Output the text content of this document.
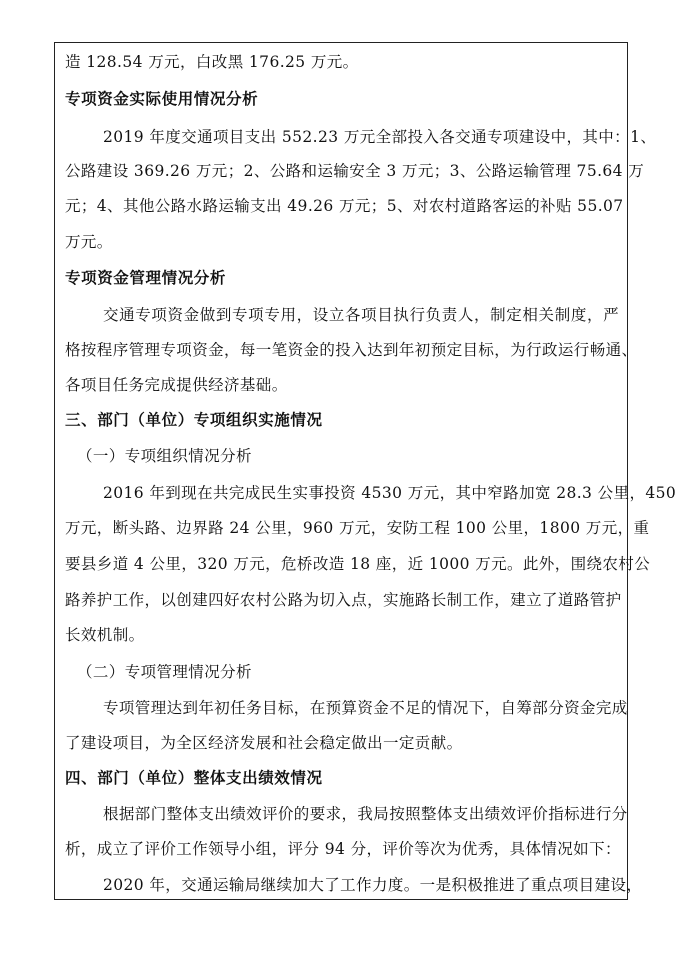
造 128.54 万元，白改黑 176.25 万元。
专项资金实际使用情况分析
2019 年度交通项目支出 552.23 万元全部投入各交通专项建设中，其中：1、
公路建设 369.26 万元；2、公路和运输安全 3 万元；3、公路运输管理 75.64 万
元；4、其他公路水路运输支出 49.26 万元；5、对农村道路客运的补贴 55.07
万元。
专项资金管理情况分析
交通专项资金做到专项专用，设立各项目执行负责人，制定相关制度，严
格按程序管理专项资金，每一笔资金的投入达到年初预定目标，为行政运行畅通、
各项目任务完成提供经济基础。
三、部门（单位）专项组织实施情况
（一）专项组织情况分析
2016 年到现在共完成民生实事投资 4530 万元，其中窄路加宽 28.3 公里，450
万元，断头路、边界路 24 公里，960 万元，安防工程 100 公里，1800 万元，重
要县乡道 4 公里，320 万元，危桥改造 18 座，近 1000 万元。此外，围绕农村公
路养护工作，以创建四好农村公路为切入点，实施路长制工作，建立了道路管护
长效机制。
（二）专项管理情况分析
专项管理达到年初任务目标，在预算资金不足的情况下，自筹部分资金完成
了建设项目，为全区经济发展和社会稳定做出一定贡献。
四、部门（单位）整体支出绩效情况
根据部门整体支出绩效评价的要求，我局按照整体支出绩效评价指标进行分
析，成立了评价工作领导小组，评分 94 分，评价等次为优秀，具体情况如下：
2020 年，交通运输局继续加大了工作力度。一是积极推进了重点项目建设，
